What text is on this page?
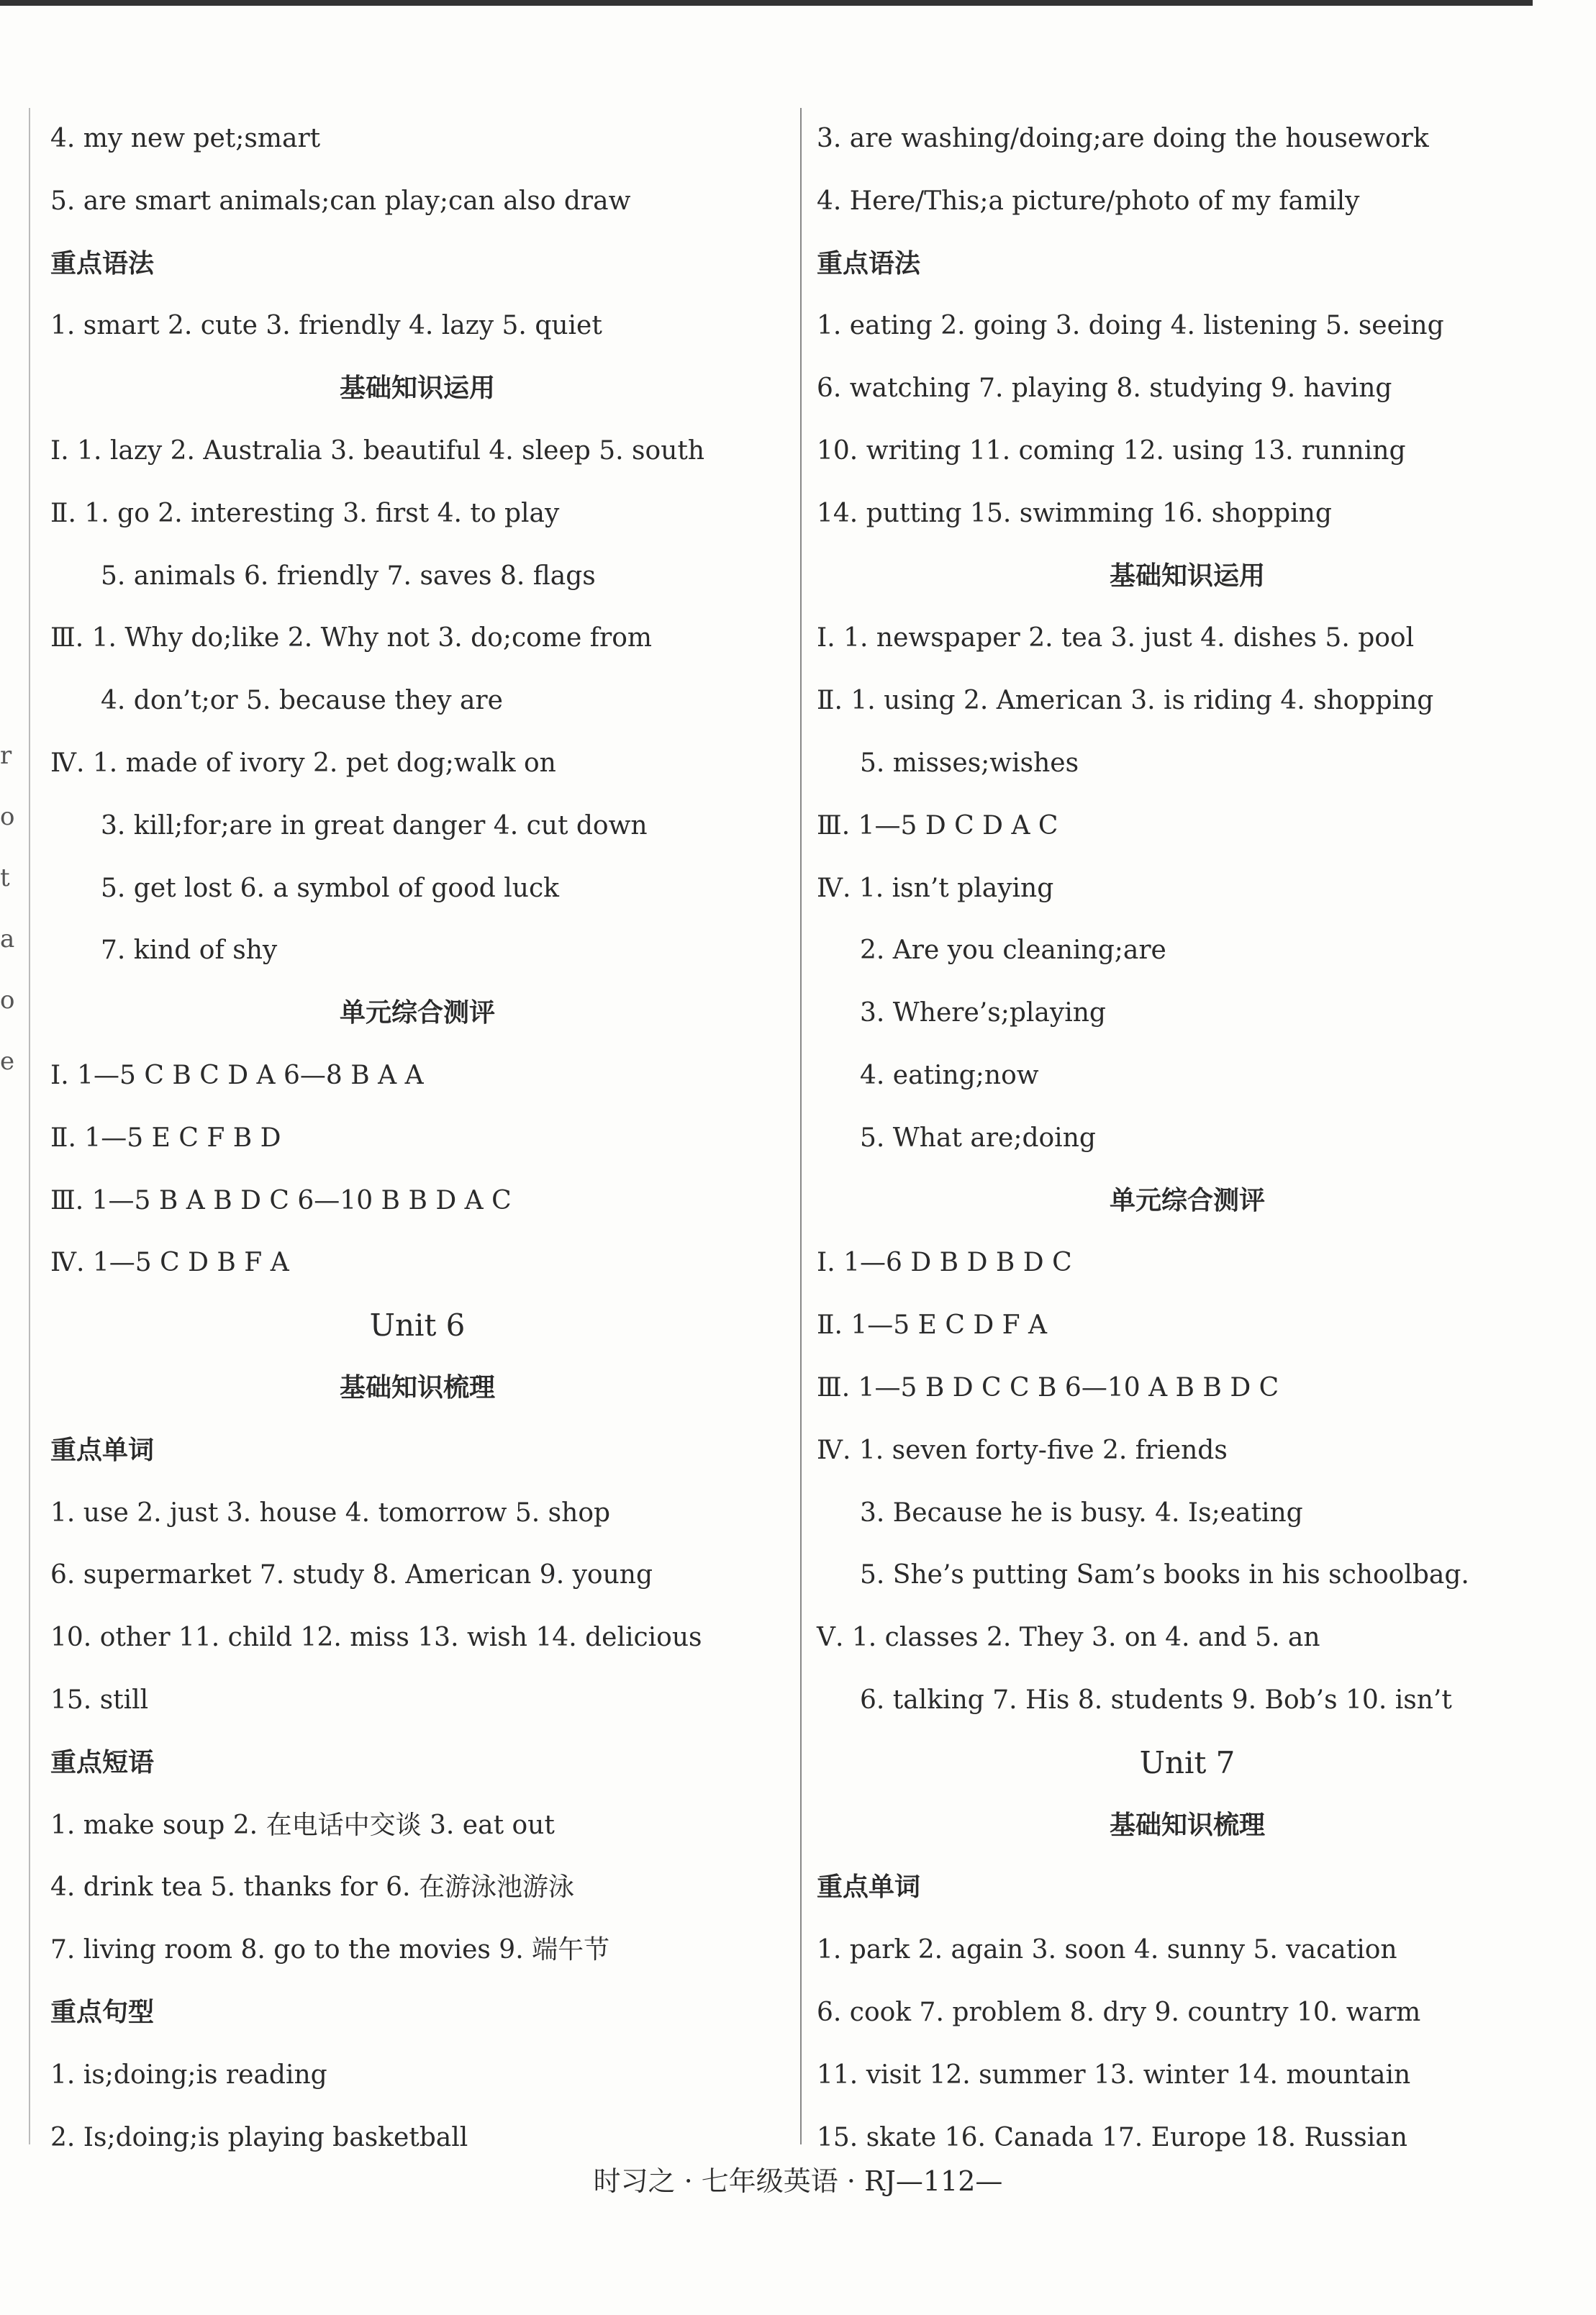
r
o
t
a
o
e
4. my new pet;smart
5. are smart animals;can play;can also draw
重点语法
1. smart 2. cute 3. friendly 4. lazy 5. quiet
基础知识运用
Ⅰ. 1. lazy 2. Australia 3. beautiful 4. sleep 5. south
Ⅱ. 1. go 2. interesting 3. first 4. to play
5. animals 6. friendly 7. saves 8. flags
Ⅲ. 1. Why do;like 2. Why not 3. do;come from
4. don’t;or 5. because they are
Ⅳ. 1. made of ivory 2. pet dog;walk on
3. kill;for;are in great danger 4. cut down
5. get lost 6. a symbol of good luck
7. kind of shy
单元综合测评
Ⅰ. 1—5 C B C D A 6—8 B A A
Ⅱ. 1—5 E C F B D
Ⅲ. 1—5 B A B D C 6—10 B B D A C
Ⅳ. 1—5 C D B F A
Unit 6
基础知识梳理
重点单词
1. use 2. just 3. house 4. tomorrow 5. shop
6. supermarket 7. study 8. American 9. young
10. other 11. child 12. miss 13. wish 14. delicious
15. still
重点短语
1. make soup 2. 在电话中交谈 3. eat out
4. drink tea 5. thanks for 6. 在游泳池游泳
7. living room 8. go to the movies 9. 端午节
重点句型
1. is;doing;is reading
2. Is;doing;is playing basketball
3. are washing/doing;are doing the housework
4. Here/This;a picture/photo of my family
重点语法
1. eating 2. going 3. doing 4. listening 5. seeing
6. watching 7. playing 8. studying 9. having
10. writing 11. coming 12. using 13. running
14. putting 15. swimming 16. shopping
基础知识运用
Ⅰ. 1. newspaper 2. tea 3. just 4. dishes 5. pool
Ⅱ. 1. using 2. American 3. is riding 4. shopping
5. misses;wishes
Ⅲ. 1—5 D C D A C
Ⅳ. 1. isn’t playing
2. Are you cleaning;are
3. Where’s;playing
4. eating;now
5. What are;doing
单元综合测评
Ⅰ. 1—6 D B D B D C
Ⅱ. 1—5 E C D F A
Ⅲ. 1—5 B D C C B 6—10 A B B D C
Ⅳ. 1. seven forty-five 2. friends
3. Because he is busy. 4. Is;eating
5. She’s putting Sam’s books in his schoolbag.
Ⅴ. 1. classes 2. They 3. on 4. and 5. an
6. talking 7. His 8. students 9. Bob’s 10. isn’t
Unit 7
基础知识梳理
重点单词
1. park 2. again 3. soon 4. sunny 5. vacation
6. cook 7. problem 8. dry 9. country 10. warm
11. visit 12. summer 13. winter 14. mountain
15. skate 16. Canada 17. Europe 18. Russian
时习之 · 七年级英语 · RJ—112—
